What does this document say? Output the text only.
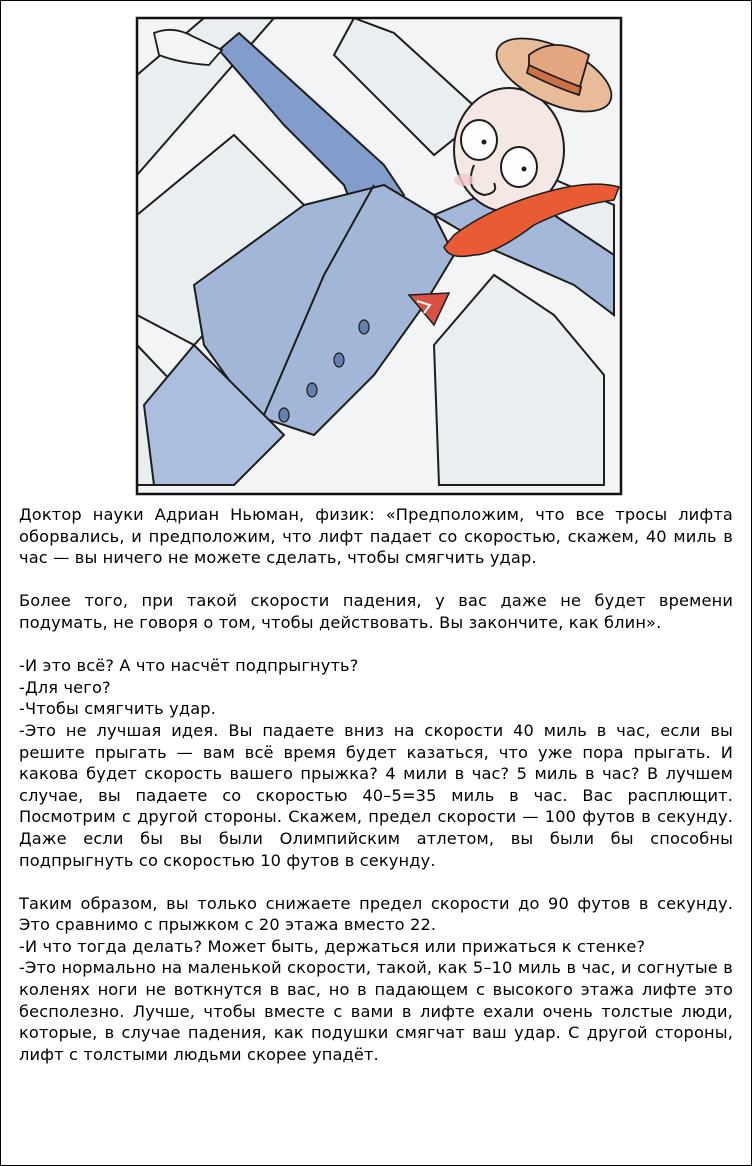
Доктор науки Адриан Ньюман, физик: «Предположим, что все тросы лифта оборвались, и предположим, что лифт падает со скоростью, скажем, 40 миль в час — вы ничего не можете сделать, чтобы смягчить удар.

Более того, при такой скорости падения, у вас даже не будет времени подумать, не говоря о том, чтобы действовать. Вы закончите, как блин».

-И это всё? А что насчёт подпрыгнуть?

-Для чего?

-Чтобы смягчить удар.

-Это не лучшая идея. Вы падаете вниз на скорости 40 миль в час, если вы решите прыгать — вам всё время будет казаться, что уже пора прыгать. И какова будет скорость вашего прыжка? 4 мили в час? 5 миль в час? В лучшем случае, вы падаете со скоростью 40–5=35 миль в час. Вас расплющит. Посмотрим с другой стороны. Скажем, предел скорости — 100 футов в секунду. Даже если бы вы были Олимпийским атлетом, вы были бы способны подпрыгнуть со скоростью 10 футов в секунду.

Таким образом, вы только снижаете предел скорости до 90 футов в секунду. Это сравнимо с прыжком с 20 этажа вместо 22.

-И что тогда делать? Может быть, держаться или прижаться к стенке?

-Это нормально на маленькой скорости, такой, как 5–10 миль в час, и согнутые в коленях ноги не воткнутся в вас, но в падающем с высокого этажа лифте это бесполезно. Лучше, чтобы вместе с вами в лифте ехали очень толстые люди, которые, в случае падения, как подушки смягчат ваш удар. С другой стороны, лифт с толстыми людьми скорее упадёт.
